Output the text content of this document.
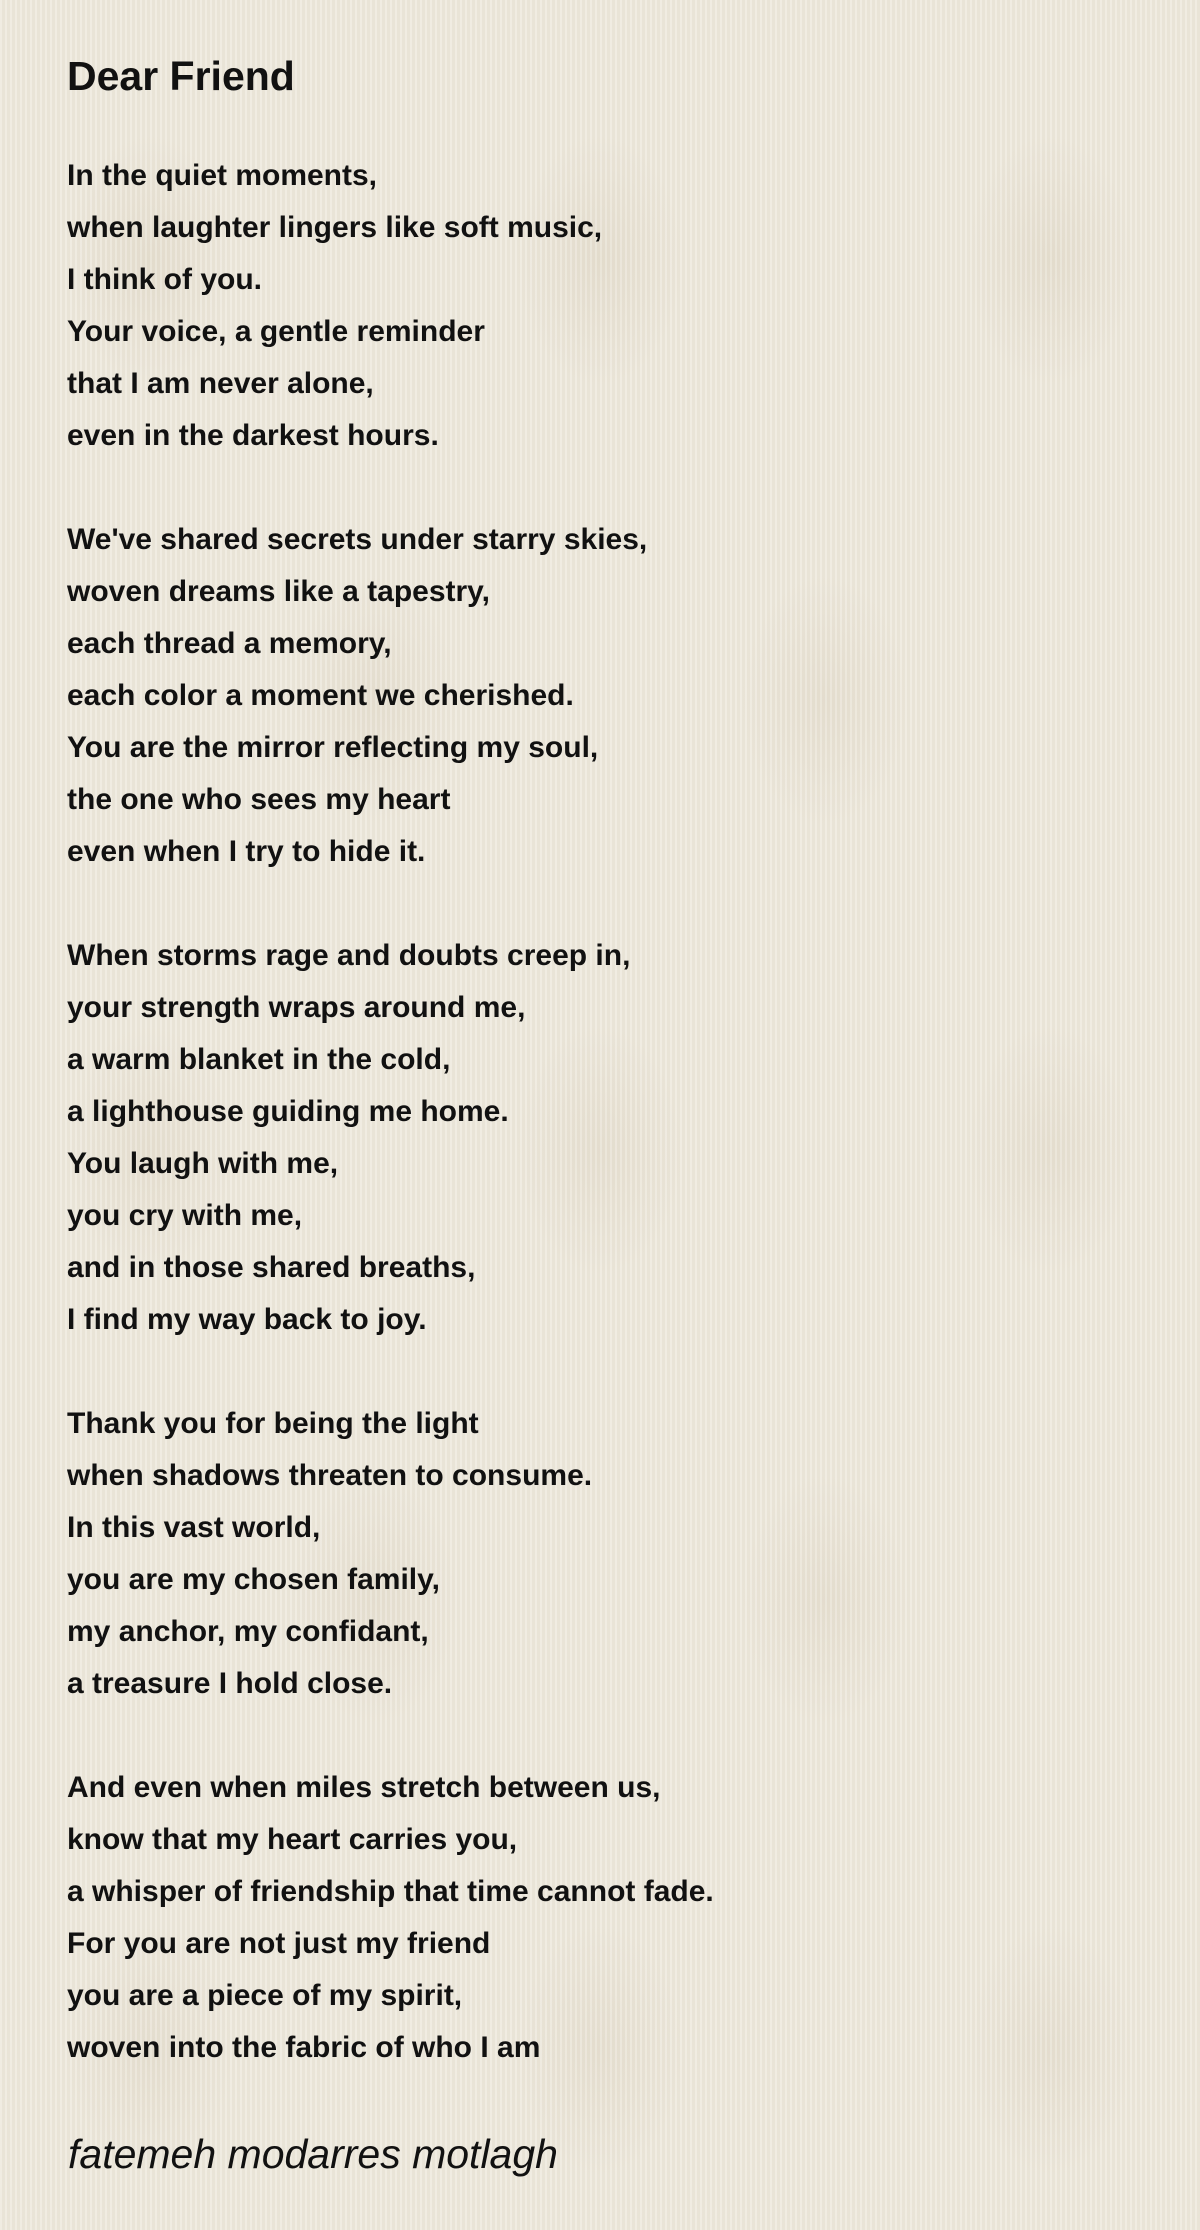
Dear Friend
In the quiet moments,
when laughter lingers like soft music,
I think of you.
Your voice, a gentle reminder
that I am never alone,
even in the darkest hours.
We've shared secrets under starry skies,
woven dreams like a tapestry,
each thread a memory,
each color a moment we cherished.
You are the mirror reflecting my soul,
the one who sees my heart
even when I try to hide it.
When storms rage and doubts creep in,
your strength wraps around me,
a warm blanket in the cold,
a lighthouse guiding me home.
You laugh with me,
you cry with me,
and in those shared breaths,
I find my way back to joy.
Thank you for being the light
when shadows threaten to consume.
In this vast world,
you are my chosen family,
my anchor, my confidant,
a treasure I hold close.
And even when miles stretch between us,
know that my heart carries you,
a whisper of friendship that time cannot fade.
For you are not just my friend
you are a piece of my spirit,
woven into the fabric of who I am

fatemeh modarres motlagh
